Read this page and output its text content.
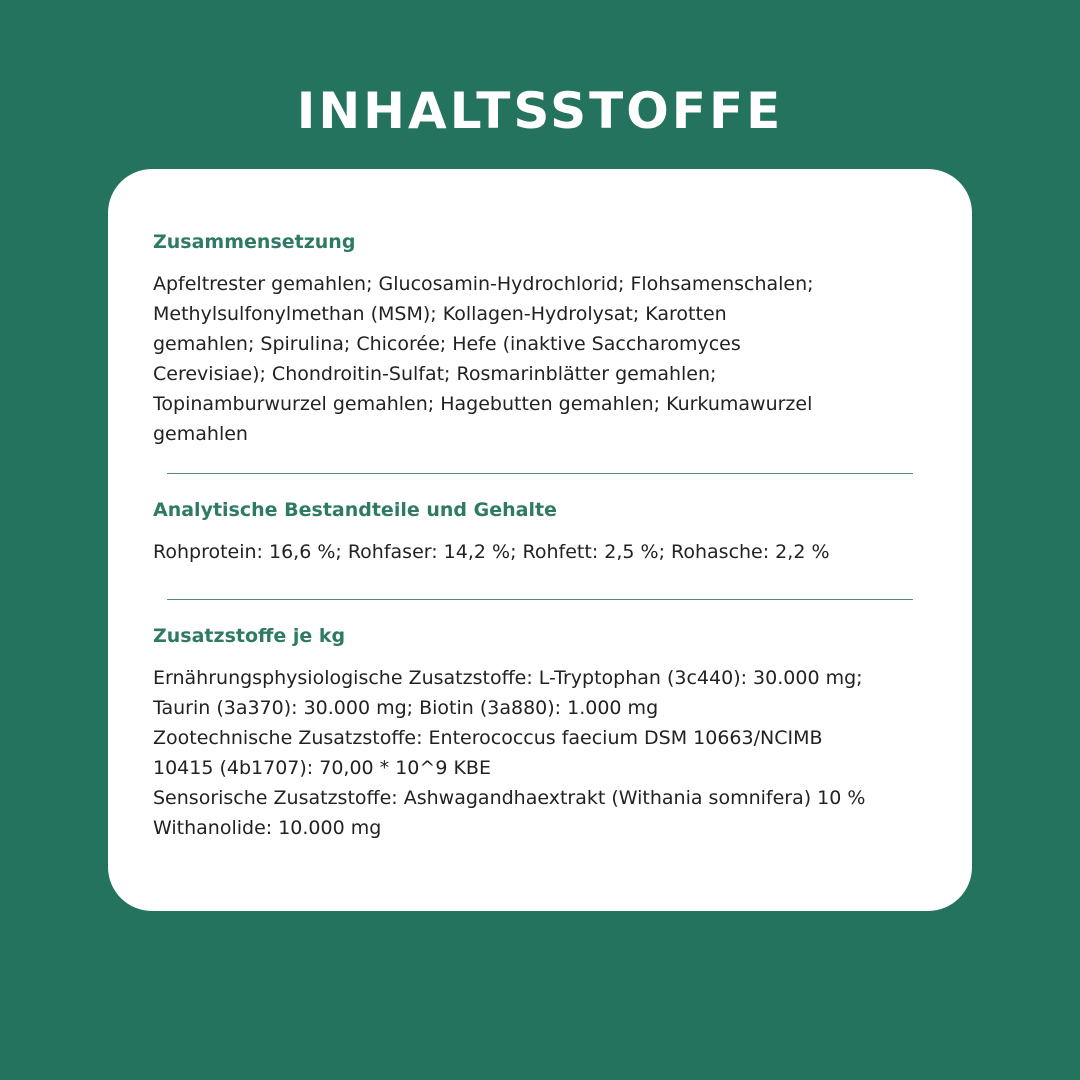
INHALTSSTOFFE
Zusammensetzung

Apfeltrester gemahlen; Glucosamin-Hydrochlorid; Flohsamenschalen;

Methylsulfonylmethan (MSM); Kollagen-Hydrolysat; Karotten

gemahlen; Spirulina; Chicorée; Hefe (inaktive Saccharomyces

Cerevisiae); Chondroitin-Sulfat; Rosmarinblätter gemahlen;

Topinamburwurzel gemahlen; Hagebutten gemahlen; Kurkumawurzel

gemahlen

Analytische Bestandteile und Gehalte

Rohprotein: 16,6 %; Rohfaser: 14,2 %; Rohfett: 2,5 %; Rohasche: 2,2 %

Zusatzstoffe je kg

Ernährungsphysiologische Zusatzstoffe: L-Tryptophan (3c440): 30.000 mg;

Taurin (3a370): 30.000 mg; Biotin (3a880): 1.000 mg

Zootechnische Zusatzstoffe: Enterococcus faecium DSM 10663/NCIMB

10415 (4b1707): 70,00 * 10^9 KBE

Sensorische Zusatzstoffe: Ashwagandhaextrakt (Withania somnifera) 10 %

Withanolide: 10.000 mg
